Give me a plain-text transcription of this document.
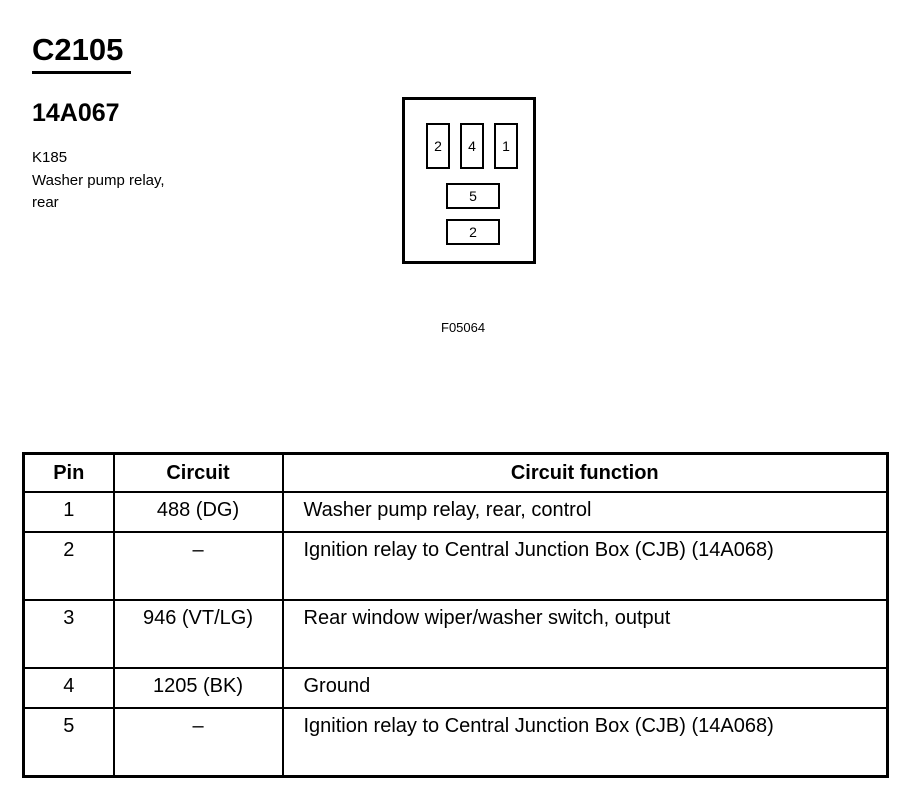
C2105
14A067
K185
Washer pump relay,
rear
2	4	1
5
2
F05064
Pin	Circuit	Circuit function
1	488 (DG)	Washer pump relay, rear, control
2	–	Ignition relay to Central Junction Box (CJB) (14A068)
3	946 (VT/LG)	Rear window wiper/washer switch, output
4	1205 (BK)	Ground
5	–	Ignition relay to Central Junction Box (CJB) (14A068)
